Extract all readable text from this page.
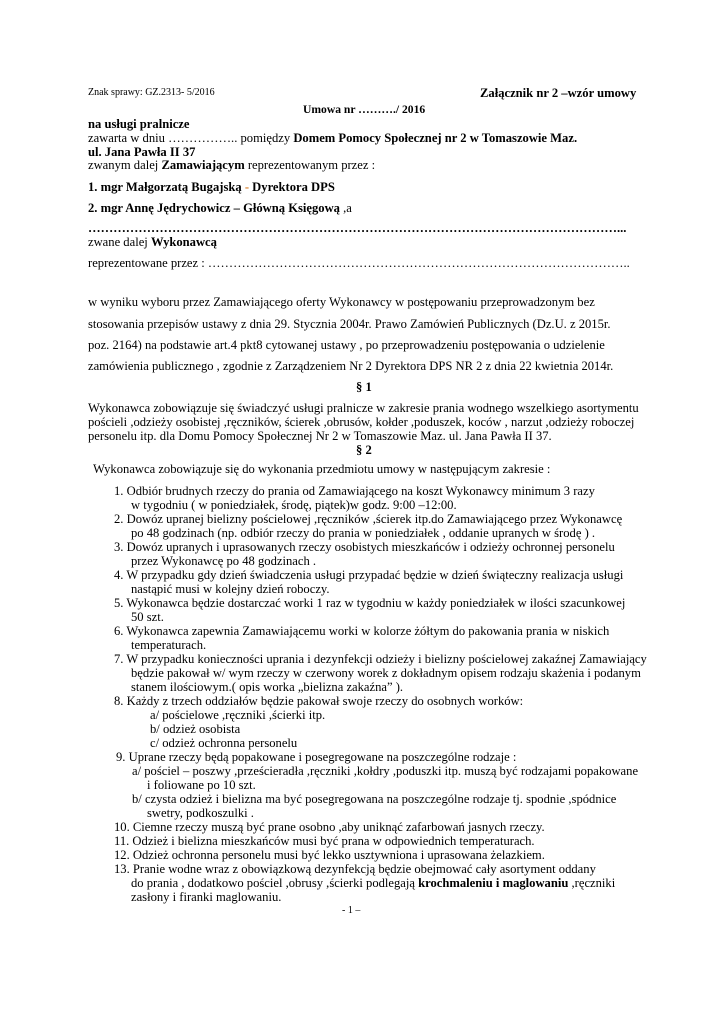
Znak sprawy: GZ.2313- 5/2016	Załącznik nr 2 –wzór umowy
Umowa nr ………./ 2016
na usługi pralnicze
zawarta w dniu …………….. pomiędzy Domem Pomocy Społecznej nr 2 w Tomaszowie Maz.
ul. Jana Pawła II 37
zwanym dalej Zamawiającym reprezentowanym przez :
1. mgr Małgorzatą Bugajską - Dyrektora DPS
2. mgr Annę Jędrychowicz – Główną Księgową ,a
………………………………………………………………………………………………………………...
zwane dalej Wykonawcą
reprezentowane przez : ………………………………………………………………………………………..
w wyniku wyboru przez Zamawiającego oferty Wykonawcy w postępowaniu przeprowadzonym bez
stosowania przepisów ustawy z dnia 29. Stycznia 2004r. Prawo Zamówień Publicznych (Dz.U. z 2015r.
poz. 2164) na podstawie art.4 pkt8 cytowanej ustawy , po przeprowadzeniu postępowania o udzielenie
zamówienia publicznego , zgodnie z Zarządzeniem Nr 2 Dyrektora DPS NR 2 z dnia 22 kwietnia 2014r.
§ 1
Wykonawca zobowiązuje się świadczyć usługi pralnicze w zakresie prania wodnego wszelkiego asortymentu
pościeli ,odzieży osobistej ,ręczników, ścierek ,obrusów, kołder ,poduszek, koców , narzut ,odzieży roboczej
personelu itp. dla Domu Pomocy Społecznej Nr 2 w Tomaszowie Maz. ul. Jana Pawła II 37.
§ 2
Wykonawca zobowiązuje się do wykonania przedmiotu umowy w następującym zakresie :
1. Odbiór brudnych rzeczy do prania od Zamawiającego na koszt Wykonawcy minimum 3 razy
w tygodniu ( w poniedziałek, środę, piątek)w godz. 9:00 –12:00.
2. Dowóz upranej bielizny pościelowej ,ręczników ,ścierek itp.do Zamawiającego przez Wykonawcę
po 48 godzinach (np. odbiór rzeczy do prania w poniedziałek , oddanie upranych w środę ) .
3. Dowóz upranych i uprasowanych rzeczy osobistych mieszkańców i odzieży ochronnej personelu
przez Wykonawcę po 48 godzinach .
4. W przypadku gdy dzień świadczenia usługi przypadać będzie w dzień świąteczny realizacja usługi
nastąpić musi w kolejny dzień roboczy.
5. Wykonawca będzie dostarczać worki 1 raz w tygodniu w każdy poniedziałek w ilości szacunkowej
50 szt.
6. Wykonawca zapewnia Zamawiającemu worki w kolorze żółtym do pakowania prania w niskich
temperaturach.
7. W przypadku konieczności uprania i dezynfekcji odzieży i bielizny pościelowej zakaźnej Zamawiający
będzie pakował w/ wym rzeczy w czerwony worek z dokładnym opisem rodzaju skażenia i podanym
stanem ilościowym.( opis worka „bielizna zakaźna” ).
8. Każdy z trzech oddziałów będzie pakował swoje rzeczy do osobnych worków:
a/ pościelowe ,ręczniki ,ścierki itp.
b/ odzież osobista
c/ odzież ochronna personelu
9. Uprane rzeczy będą popakowane i posegregowane na poszczególne rodzaje :
a/ pościel – poszwy ,prześcieradła ,ręczniki ,kołdry ,poduszki itp. muszą być rodzajami popakowane
i foliowane po 10 szt.
b/ czysta odzież i bielizna ma być posegregowana na poszczególne rodzaje tj. spodnie ,spódnice
swetry, podkoszulki .
10. Ciemne rzeczy muszą być prane osobno ,aby uniknąć zafarbowań jasnych rzeczy.
11. Odzież i bielizna mieszkańców musi być prana w odpowiednich temperaturach.
12. Odzież ochronna personelu musi być lekko usztywniona i uprasowana żelazkiem.
13. Pranie wodne wraz z obowiązkową dezynfekcją będzie obejmować cały asortyment oddany
do prania , dodatkowo pościel ,obrusy ,ścierki podlegają krochmaleniu i maglowaniu ,ręczniki
zasłony i firanki maglowaniu.
- 1 –
